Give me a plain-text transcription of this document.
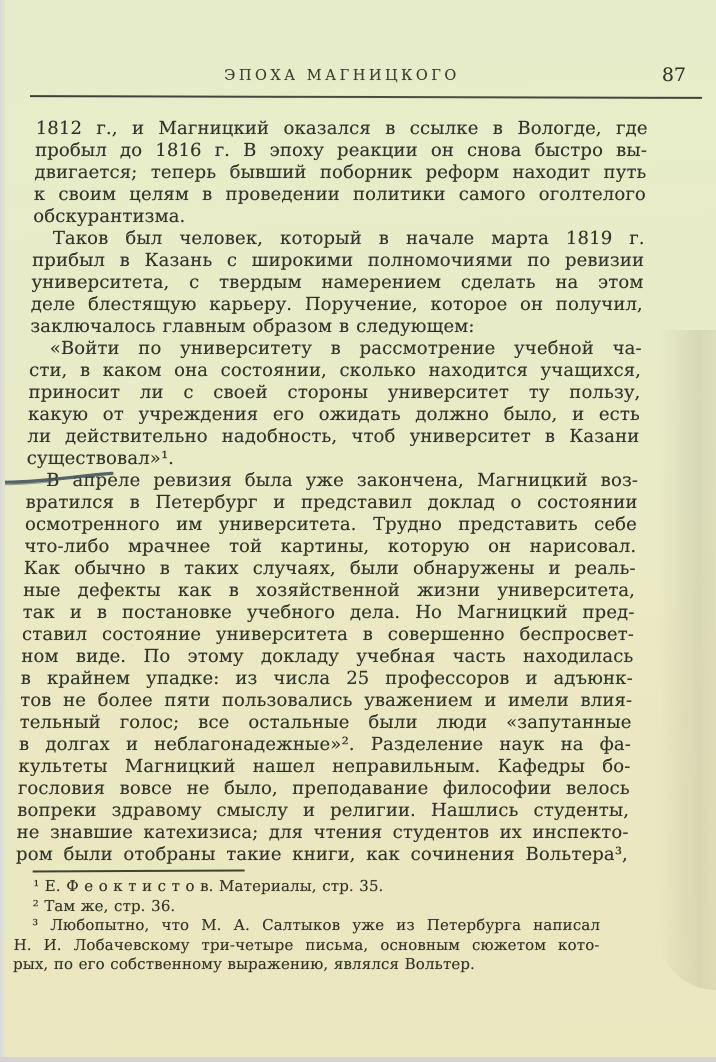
ЭПОХА МАГНИЦКОГО	87
1812 г., и Магницкий оказался в ссылке в Вологде, где
пробыл до 1816 г. В эпоху реакции он снова быстро вы-
двигается; теперь бывший поборник реформ находит путь
к своим целям в проведении политики самого оголтелого
обскурантизма.
Таков был человек, который в начале марта 1819 г.
прибыл в Казань с широкими полномочиями по ревизии
университета, с твердым намерением сделать на этом
деле блестящую карьеру. Поручение, которое он получил,
заключалось главным образом в следующем:
«Войти по университету в рассмотрение учебной ча-
сти, в каком она состоянии, сколько находится учащихся,
приносит ли с своей стороны университет ту пользу,
какую от учреждения его ожидать должно было, и есть
ли действительно надобность, чтоб университет в Казани
существовал»¹.
В апреле ревизия была уже закончена, Магницкий воз-
вратился в Петербург и представил доклад о состоянии
осмотренного им университета. Трудно представить себе
что-либо мрачнее той картины, которую он нарисовал.
Как обычно в таких случаях, были обнаружены и реаль-
ные дефекты как в хозяйственной жизни университета,
так и в постановке учебного дела. Но Магницкий пред-
ставил состояние университета в совершенно беспросвет-
ном виде. По этому докладу учебная часть находилась
в крайнем упадке: из числа 25 профессоров и адъюнк-
тов не более пяти пользовались уважением и имели влия-
тельный голос; все остальные были люди «запутанные
в долгах и неблагонадежные»². Разделение наук на фа-
культеты Магницкий нашел неправильным. Кафедры бо-
гословия вовсе не было, преподавание философии велось
вопреки здравому смыслу и религии. Нашлись студенты,
не знавшие катехизиса; для чтения студентов их инспекто-
ром были отобраны такие книги, как сочинения Вольтера³,
¹ Е. Ф е о к т и с т о в. Материалы, стр. 35.
² Там же, стр. 36.
³ Любопытно, что М. А. Салтыков уже из Петербурга написал
Н. И. Лобачевскому три-четыре письма, основным сюжетом кото-
рых, по его собственному выражению, являлся Вольтер.
